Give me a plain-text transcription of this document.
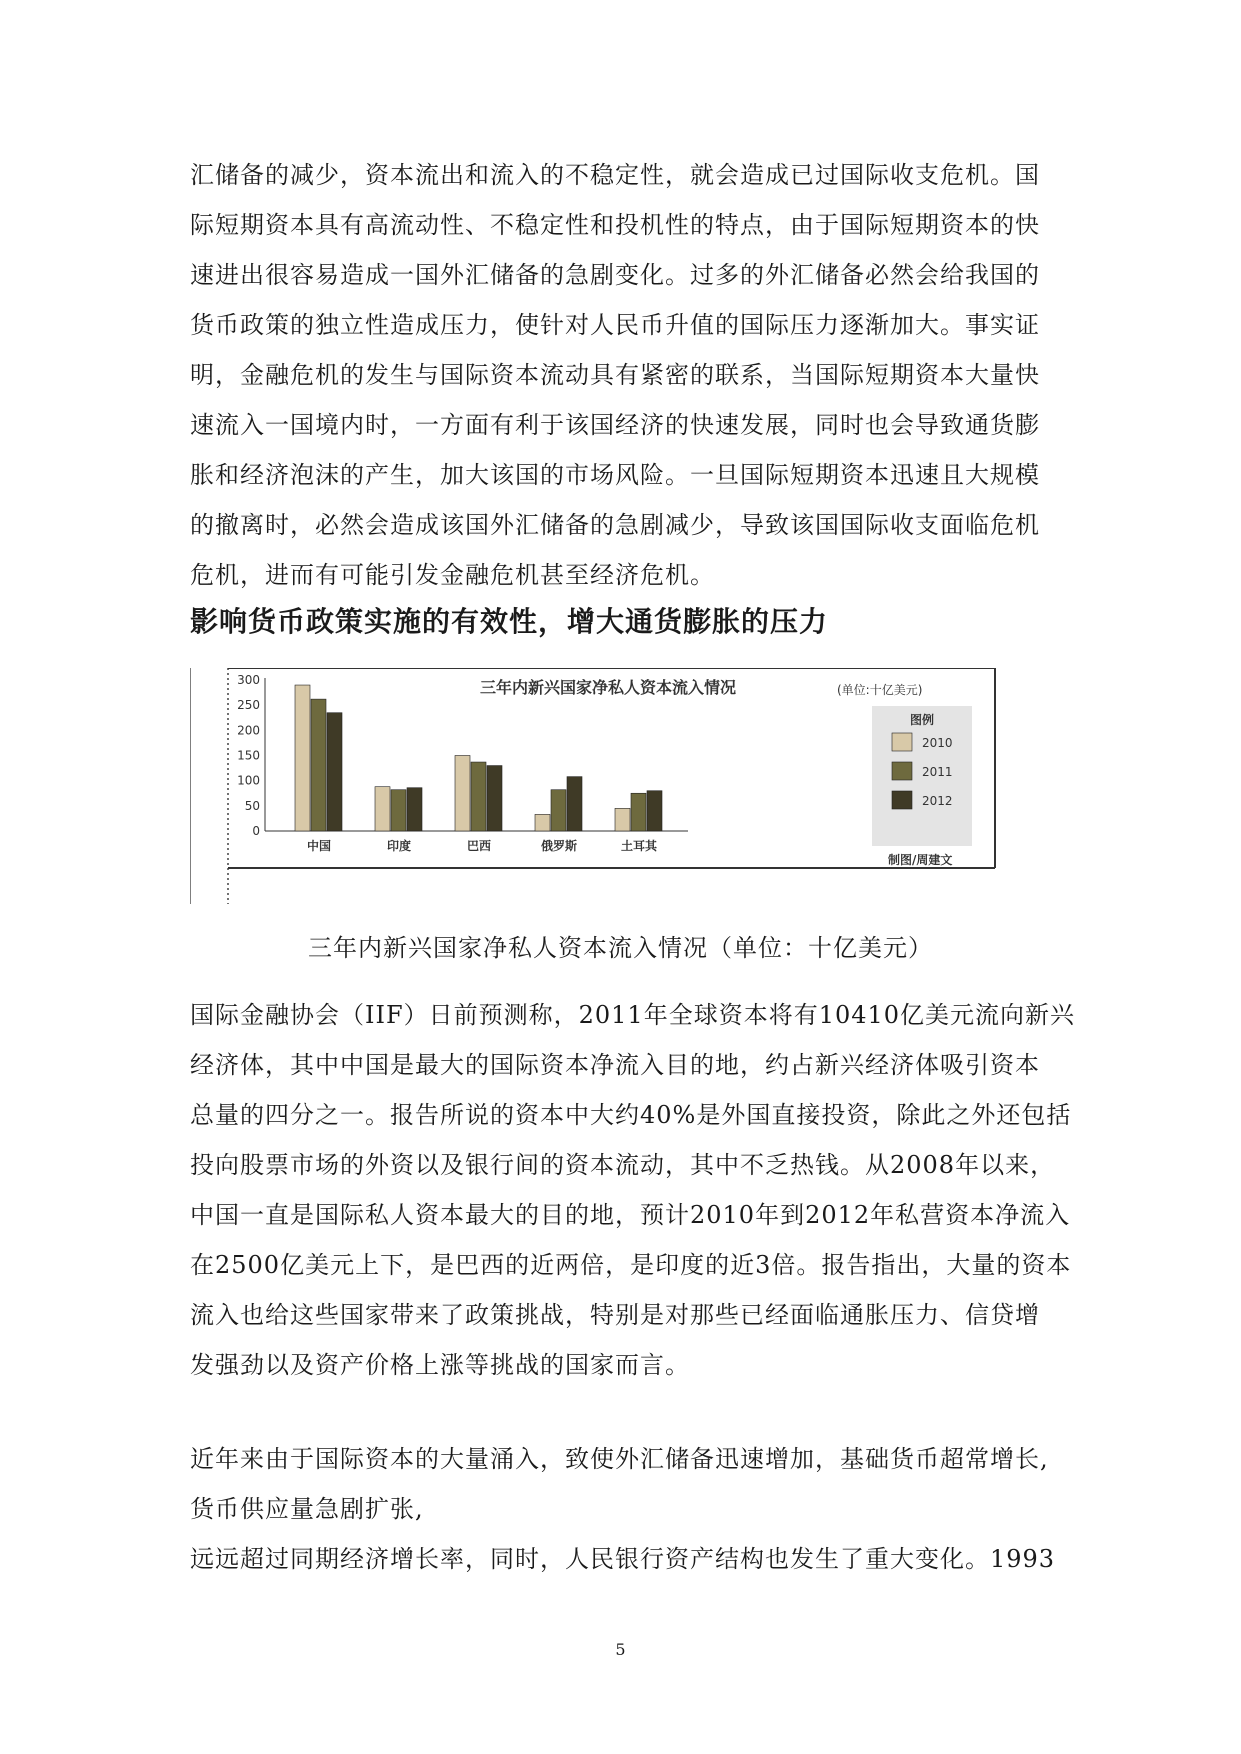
汇储备的减少，资本流出和流入的不稳定性，就会造成已过国际收支危机。国
际短期资本具有高流动性、不稳定性和投机性的特点，由于国际短期资本的快
速进出很容易造成一国外汇储备的急剧变化。过多的外汇储备必然会给我国的
货币政策的独立性造成压力，使针对人民币升值的国际压力逐渐加大。事实证
明，金融危机的发生与国际资本流动具有紧密的联系，当国际短期资本大量快
速流入一国境内时，一方面有利于该国经济的快速发展，同时也会导致通货膨
胀和经济泡沫的产生，加大该国的市场风险。一旦国际短期资本迅速且大规模
的撤离时，必然会造成该国外汇储备的急剧减少，导致该国国际收支面临危机
危机，进而有可能引发金融危机甚至经济危机。
影响货币政策实施的有效性，增大通货膨胀的压力
三年内新兴国家净私人资本流入情况	(单位:十亿美元)
0
50
100
150
200
250
300
中国	印度	巴西	俄罗斯	土耳其
图例
2010
2011
2012
制图/周建文

三年内新兴国家净私人资本流入情况（单位：十亿美元）

国际金融协会（IIF）日前预测称，2011年全球资本将有10410亿美元流向新兴
经济体，其中中国是最大的国际资本净流入目的地，约占新兴经济体吸引资本
总量的四分之一。报告所说的资本中大约40%是外国直接投资，除此之外还包括
投向股票市场的外资以及银行间的资本流动，其中不乏热钱。从2008年以来，
中国一直是国际私人资本最大的目的地，预计2010年到2012年私营资本净流入
在2500亿美元上下，是巴西的近两倍，是印度的近3倍。报告指出，大量的资本
流入也给这些国家带来了政策挑战，特别是对那些已经面临通胀压力、信贷增
发强劲以及资产价格上涨等挑战的国家而言。
近年来由于国际资本的大量涌入，致使外汇储备迅速增加，基础货币超常增长,
货币供应量急剧扩张,
远远超过同期经济增长率，同时，人民银行资产结构也发生了重大变化。1993
5
